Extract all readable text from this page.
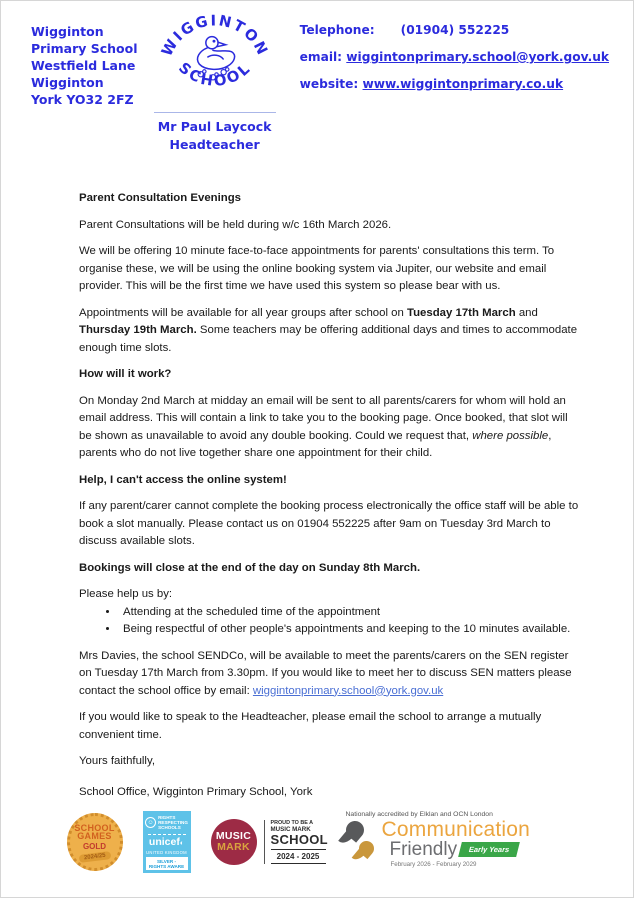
Wigginton Primary School
Westfield Lane
Wigginton
York YO32 2FZ
WIGGINTON
SCHOOL
Mr Paul Laycock
Headteacher
Telephone: (01904) 552225
email: wiggintonprimary.school@york.gov.uk
website: www.wiggintonprimary.co.uk

Parent Consultation Evenings

Parent Consultations will be held during w/c 16th March 2026.

We will be offering 10 minute face-to-face appointments for parents' consultations this term. To organise these, we will be using the online booking system via Jupiter, our website and email provider. This will be the first time we have used this system so please bear with us.

Appointments will be available for all year groups after school on Tuesday 17th March and Thursday 19th March. Some teachers may be offering additional days and times to accommodate enough time slots.

How will it work?

On Monday 2nd March at midday an email will be sent to all parents/carers for whom will hold an email address. This will contain a link to take you to the booking page. Once booked, that slot will be shown as unavailable to avoid any double booking. Could we request that, where possible, parents who do not live together share one appointment for their child.

Help, I can't access the online system!

If any parent/carer cannot complete the booking process electronically the office staff will be able to book a slot manually. Please contact us on 01904 552225 after 9am on Tuesday 3rd March to discuss available slots.

Bookings will close at the end of the day on Sunday 8th March.

Please help us by:

• Attending at the scheduled time of the appointment
• Being respectful of other people's appointments and keeping to the 10 minutes available.

Mrs Davies, the school SENDCo, will be available to meet the parents/carers on the SEN register on Tuesday 17th March from 3.30pm. If you would like to meet her to discuss SEN matters please contact the school office by email: wiggintonprimary.school@york.gov.uk

If you would like to speak to the Headteacher, please email the school to arrange a mutually convenient time.

Yours faithfully,

School Office, Wigginton Primary School, York

SCHOOL
GAMES
GOLD
2024/25
☺
RIGHTS
RESPECTING
SCHOOLS
unicef◐
UNITED KINGDOM
SILVER - RIGHTS AWARE
MUSIC
MARK
PROUD TO BE A
MUSIC MARK
SCHOOL
2024 - 2025
Nationally accredited by Elklan and OCN London
Communication
Friendly	Early Years
February 2026 - February 2029
